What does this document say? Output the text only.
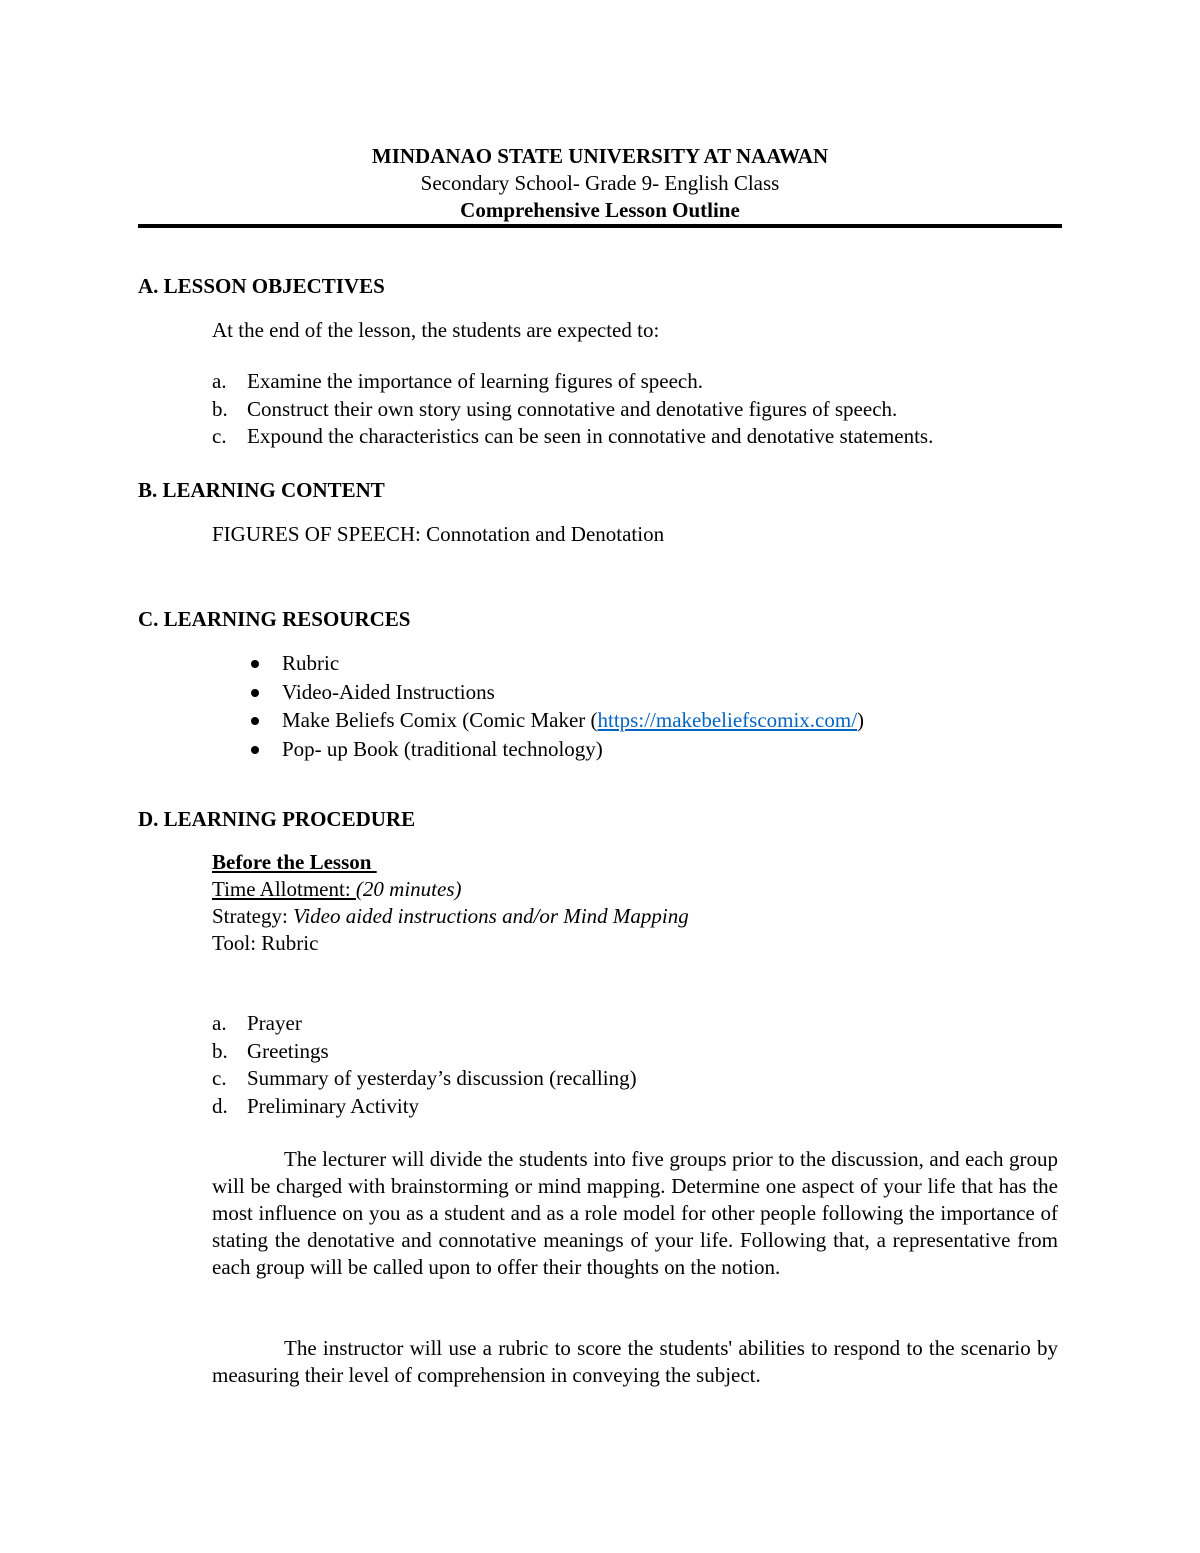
MINDANAO STATE UNIVERSITY AT NAAWAN
Secondary School- Grade 9- English Class
Comprehensive Lesson Outline
A. LESSON OBJECTIVES
At the end of the lesson, the students are expected to:
a. Examine the importance of learning figures of speech.
b. Construct their own story using connotative and denotative figures of speech.
c. Expound the characteristics can be seen in connotative and denotative statements.
B. LEARNING CONTENT
FIGURES OF SPEECH: Connotation and Denotation
C. LEARNING RESOURCES
Rubric
Video-Aided Instructions
Make Beliefs Comix (Comic Maker (https://makebeliefscomix.com/)
Pop- up Book (traditional technology)
D. LEARNING PROCEDURE
Before the Lesson
Time Allotment: (20 minutes)
Strategy: Video aided instructions and/or Mind Mapping
Tool: Rubric
a. Prayer
b. Greetings
c. Summary of yesterday’s discussion (recalling)
d. Preliminary Activity

The lecturer will divide the students into five groups prior to the discussion, and each group will be charged with brainstorming or mind mapping. Determine one aspect of your life that has the most influence on you as a student and as a role model for other people following the importance of stating the denotative and connotative meanings of your life. Following that, a representative from each group will be called upon to offer their thoughts on the notion.

The instructor will use a rubric to score the students' abilities to respond to the scenario by measuring their level of comprehension in conveying the subject.
